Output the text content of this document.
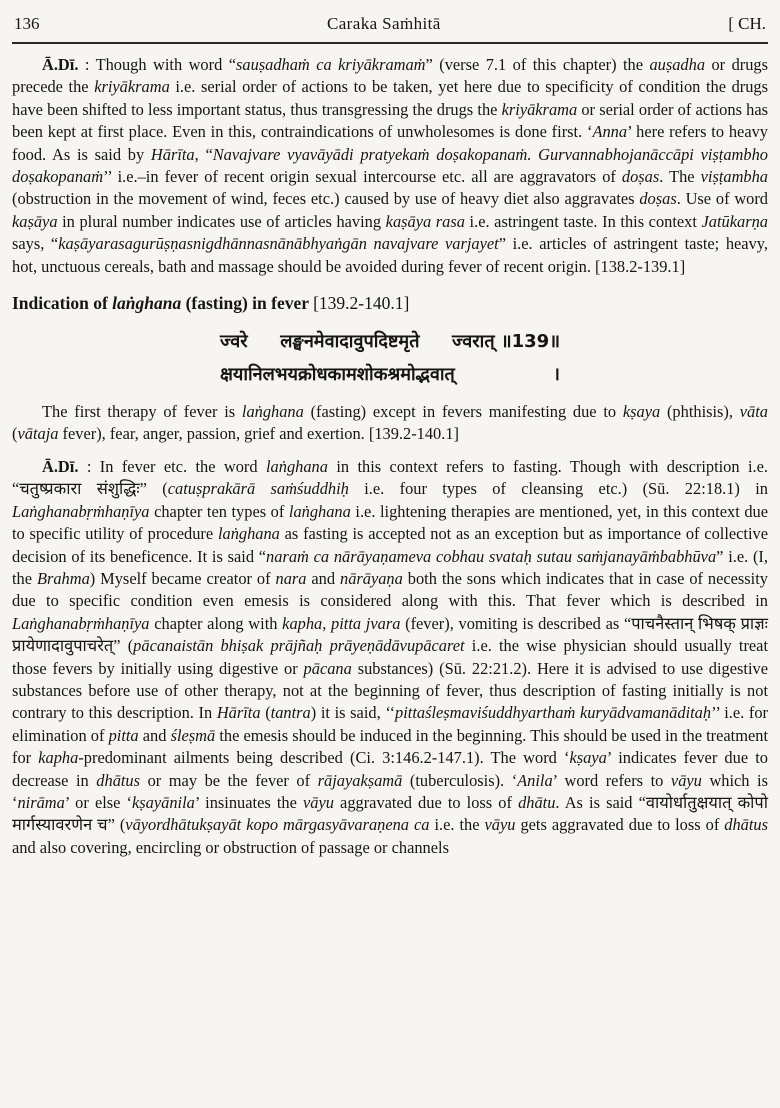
136	Caraka Saṁhitā	[ CH.

Ā.Dī. : Though with word “sauṣadhaṁ ca kriyākramaṁ” (verse 7.1 of this chapter) the auṣadha or drugs precede the kriyākrama i.e. serial order of actions to be taken, yet here due to specificity of condition the drugs have been shifted to less important status, thus transgressing the drugs the kriyākrama or serial order of actions has been kept at first place. Even in this, contraindications of unwholesomes is done first. ‘Anna’ here refers to heavy food. As is said by Hārīta, “Navajvare vyavāyādi pratyekaṁ doṣakopanaṁ. Gurvannabhojanāccāpi viṣṭambho doṣakopanaṁ’’ i.e.–in fever of recent origin sexual intercourse etc. all are aggravators of doṣas. The viṣṭambha (obstruction in the movement of wind, feces etc.) caused by use of heavy diet also aggravates doṣas. Use of word kaṣāya in plural number indicates use of articles having kaṣāya rasa i.e. astringent taste. In this context Jatūkarṇa says, “kaṣāyarasagurūṣṇasnigdhānnasnānābhyaṅgān navajvare varjayet” i.e. articles of astringent taste; heavy, hot, unctuous cereals, bath and massage should be avoided during fever of recent origin. [138.2-139.1]

Indication of laṅghana (fasting) in fever [139.2-140.1]
ज्वरे लङ्घनमेवादावुपदिष्टमृते ज्वरात् ॥139॥
क्षयानिलभयक्रोधकामशोकश्रमोद्भवात्	।

The first therapy of fever is laṅghana (fasting) except in fevers manifesting due to kṣaya (phthisis), vāta (vātaja fever), fear, anger, passion, grief and exertion. [139.2-140.1]

Ā.Dī. : In fever etc. the word laṅghana in this context refers to fasting. Though with description i.e. “चतुष्प्रकारा संशुद्धिः” (catuṣprakārā saṁśuddhiḥ i.e. four types of cleansing etc.) (Sū. 22:18.1) in Laṅghanabṛṁhaṇīya chapter ten types of laṅghana i.e. lightening therapies are mentioned, yet, in this context due to specific utility of procedure laṅghana as fasting is accepted not as an exception but as importance of collective decision of its beneficence. It is said “naraṁ ca nārāyaṇameva cobhau svataḥ sutau saṁjanayāṁbabhūva” i.e. (I, the Brahma) Myself became creator of nara and nārāyaṇa both the sons which indicates that in case of necessity due to specific condition even emesis is considered along with this. That fever which is described in Laṅghanabṛṁhaṇīya chapter along with kapha, pitta jvara (fever), vomiting is described as “पाचनैस्तान् भिषक् प्राज्ञः प्रायेणादावुपाचरेत्” (pācanaistān bhiṣak prājñaḥ prāyeṇādāvupācaret i.e. the wise physician should usually treat those fevers by initially using digestive or pācana substances) (Sū. 22:21.2). Here it is advised to use digestive substances before use of other therapy, not at the beginning of fever, thus description of fasting initially is not contrary to this description. In Hārīta (tantra) it is said, ‘‘pittaśleṣmaviśuddhyarthaṁ kuryādvamanāditaḥ’’ i.e. for elimination of pitta and śleṣmā the emesis should be induced in the beginning. This should be used in the treatment for kapha-predominant ailments being described (Ci. 3:146.2-147.1). The word ‘kṣaya’ indicates fever due to decrease in dhātus or may be the fever of rājayakṣamā (tuberculosis). ‘Anila’ word refers to vāyu which is ‘nirāma’ or else ‘kṣayānila’ insinuates the vāyu aggravated due to loss of dhātu. As is said “वायोर्धातुक्षयात् कोपो मार्गस्यावरणेन च” (vāyordhātukṣayāt kopo mārgasyāvaraṇena ca i.e. the vāyu gets aggravated due to loss of dhātus and also covering, encircling or obstruction of passage or channels
